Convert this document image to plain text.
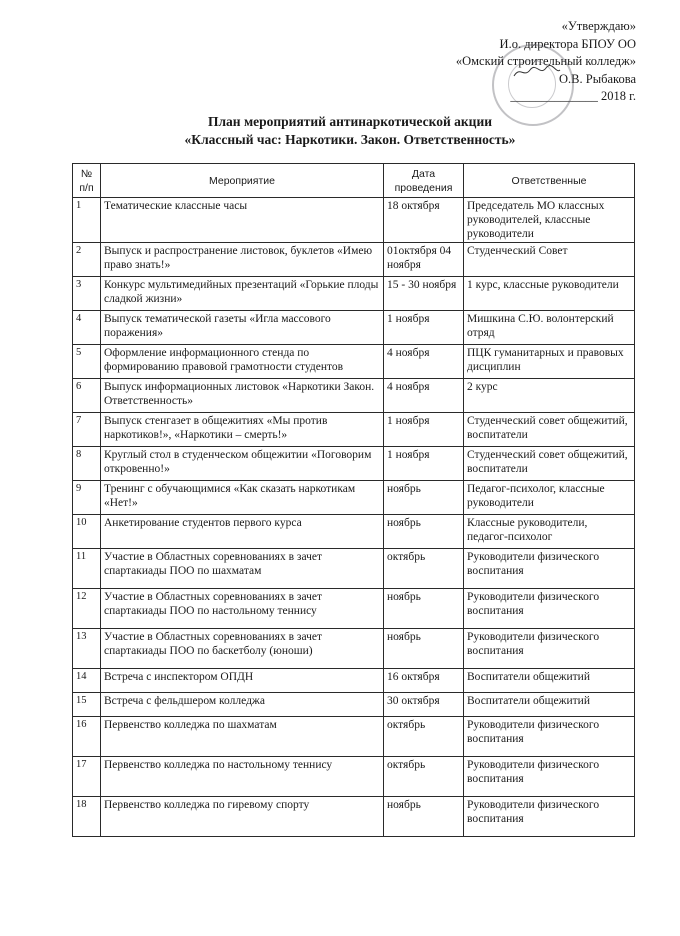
«Утверждаю»
И.о. директора БПОУ ОО
«Омский строительный колледж»
О.В. Рыбакова
______________ 2018 г.
План мероприятий антинаркотической акции
«Классный час: Наркотики. Закон. Ответственность»
№ п/п	Мероприятие	Дата проведения	Ответственные
1	Тематические классные часы	18 октября	Председатель МО классных руководителей, классные руководители
2	Выпуск и распространение листовок, буклетов «Имею право знать!»	01октября 04 ноября	Студенческий Совет
3	Конкурс мультимедийных презентаций «Горькие плоды сладкой жизни»	15 - 30 ноября	1 курс, классные руководители
4	Выпуск тематической газеты «Игла массового поражения»	1 ноября	Мишкина С.Ю. волонтерский отряд
5	Оформление информационного стенда по формированию правовой грамотности студентов	4 ноября	ПЦК гуманитарных и правовых дисциплин
6	Выпуск информационных листовок «Наркотики Закон. Ответственность»	4 ноября	2 курс
7	Выпуск стенгазет в общежитиях «Мы против наркотиков!», «Наркотики – смерть!»	1 ноября	Студенческий совет общежитий, воспитатели
8	Круглый стол в студенческом общежитии «Поговорим откровенно!»	1 ноября	Студенческий совет общежитий, воспитатели
9	Тренинг с обучающимися «Как сказать наркотикам «Нет!»	ноябрь	Педагог-психолог, классные руководители
10	Анкетирование студентов первого курса	ноябрь	Классные руководители, педагог-психолог
11	Участие в Областных соревнованиях в зачет спартакиады ПОО по шахматам	октябрь	Руководители физического воспитания
12	Участие в Областных соревнованиях в зачет спартакиады ПОО по настольному теннису	ноябрь	Руководители физического воспитания
13	Участие в Областных соревнованиях в зачет спартакиады ПОО по баскетболу (юноши)	ноябрь	Руководители физического воспитания
14	Встреча с инспектором ОПДН	16 октября	Воспитатели общежитий
15	Встреча с фельдшером колледжа	30 октября	Воспитатели общежитий
16	Первенство колледжа по шахматам	октябрь	Руководители физического воспитания
17	Первенство колледжа по настольному теннису	октябрь	Руководители физического воспитания
18	Первенство колледжа по гиревому спорту	ноябрь	Руководители физического воспитания
